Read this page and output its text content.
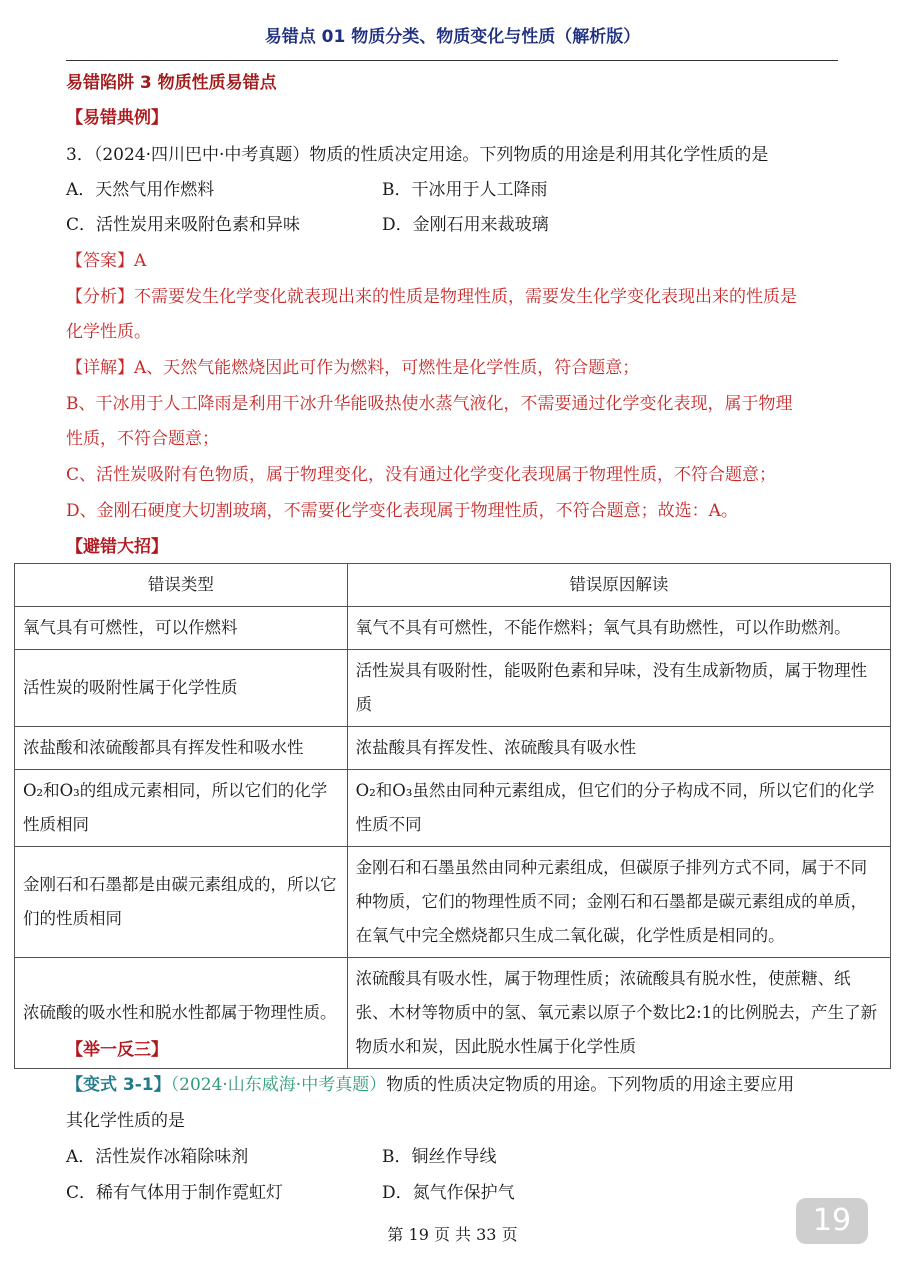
易错点 01 物质分类、物质变化与性质（解析版）
易错陷阱 3 物质性质易错点
【易错典例】
3．（2024·四川巴中·中考真题）物质的性质决定用途。下列物质的用途是利用其化学性质的是
A．天然气用作燃料	B．干冰用于人工降雨
C．活性炭用来吸附色素和异味	D．金刚石用来裁玻璃
【答案】A
【分析】不需要发生化学变化就表现出来的性质是物理性质，需要发生化学变化表现出来的性质是
化学性质。
【详解】A、天然气能燃烧因此可作为燃料，可燃性是化学性质，符合题意；
B、干冰用于人工降雨是利用干冰升华能吸热使水蒸气液化，不需要通过化学变化表现，属于物理
性质，不符合题意；
C、活性炭吸附有色物质，属于物理变化，没有通过化学变化表现属于物理性质，不符合题意；
D、金刚石硬度大切割玻璃，不需要化学变化表现属于物理性质，不符合题意；故选：A。
【避错大招】
错误类型	错误原因解读
氧气具有可燃性，可以作燃料	氧气不具有可燃性，不能作燃料；氧气具有助燃性，可以作助燃剂。
活性炭的吸附性属于化学性质	活性炭具有吸附性，能吸附色素和异味，没有生成新物质，属于物理性质
浓盐酸和浓硫酸都具有挥发性和吸水性	浓盐酸具有挥发性、浓硫酸具有吸水性
O₂和O₃的组成元素相同，所以它们的化学性质相同	O₂和O₃虽然由同种元素组成，但它们的分子构成不同，所以它们的化学性质不同
金刚石和石墨都是由碳元素组成的，所以它们的性质相同	金刚石和石墨虽然由同种元素组成，但碳原子排列方式不同，属于不同种物质，它们的物理性质不同；金刚石和石墨都是碳元素组成的单质，在氧气中完全燃烧都只生成二氧化碳，化学性质是相同的。
浓硫酸的吸水性和脱水性都属于物理性质。	浓硫酸具有吸水性，属于物理性质；浓硫酸具有脱水性，使蔗糖、纸张、木材等物质中的氢、氧元素以原子个数比2:1的比例脱去，产生了新物质水和炭，因此脱水性属于化学性质
【举一反三】
【变式 3-1】（2024·山东威海·中考真题）物质的性质决定物质的用途。下列物质的用途主要应用
其化学性质的是
A．活性炭作冰箱除味剂	B．铜丝作导线
C．稀有气体用于制作霓虹灯	D．氮气作保护气
第 19 页 共 33 页	19
